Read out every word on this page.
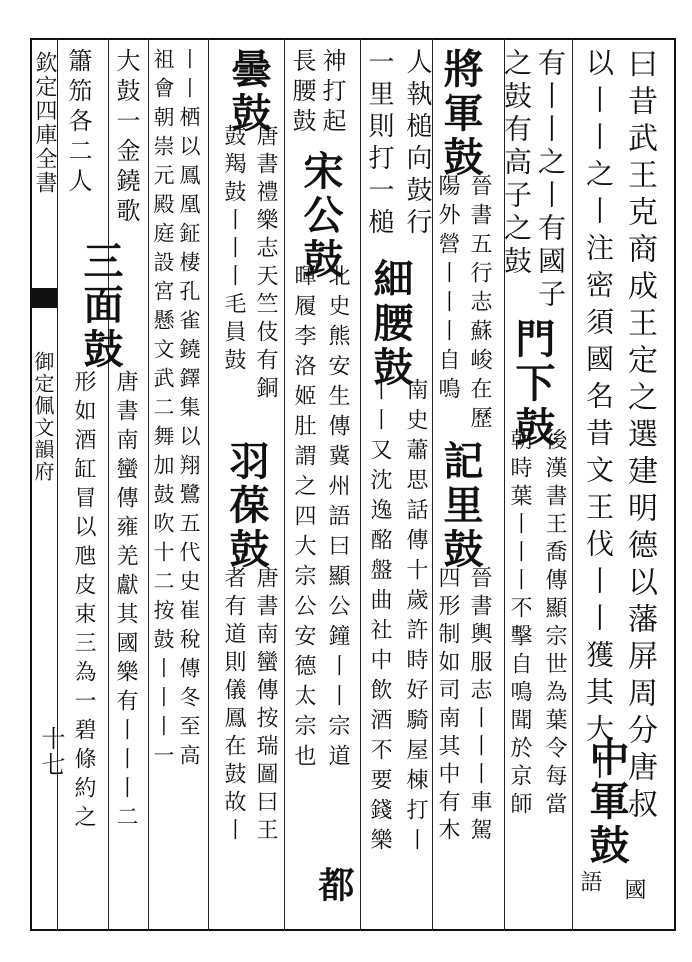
欽定四庫全書
御定佩文韻府
十七	曰昔武王克商成王定之選建明德以藩屏周分唐叔
以丨丨之丨注密須國名昔文王伐丨丨獲其大丨
中軍鼓
有丨丨之丨有國子
之鼓有高子之鼓
門下鼓
後漢書王喬傳顯宗世為葉令每當
朝時葉丨丨丨不擊自鳴聞於京師
語 國
將軍鼓
晉書五行志蘇峻在歷
陽外營丨丨丨自鳴
記里鼓
晉書輿服志丨丨丨車駕
四形制如司南其中有木
人執槌向鼓行
一里則打一槌
細腰鼓
南史蕭思話傳十歲許時好騎屋棟打丨
丨丨又沈逸酩盤曲社中飲酒不要錢樂
神打起
長腰鼓
宋公鼓
北史熊安生傳冀州語曰顯公鐘丨丨宗道
暉履李洛姬肚謂之四大宗公安德太宗也
都
曇鼓
唐書禮樂志天竺伎有銅
鼓羯鼓丨丨丨毛員鼓
羽葆鼓
唐書南蠻傳按瑞圖曰王
者有道則儀鳳在鼓故丨
丨丨栖以鳳凰鉦棲孔雀鐃鐸集以翔鷺五代史崔稅傳冬至高
祖會朝崇元殿庭設宮懸文武二舞加鼓吹十二按鼓丨丨丨一
大鼓一金鐃歌
簫笳各二人
三面鼓
唐書南蠻傳雍羌獻其國樂有丨丨丨二
形如酒缸冒以虺皮束三為一碧條約之
